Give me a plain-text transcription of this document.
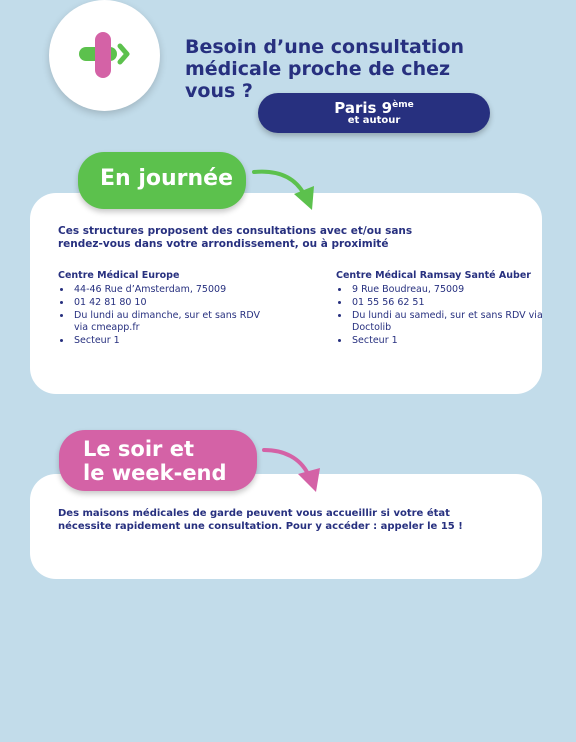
Besoin d’une consultation médicale proche de chez vous ?
Paris 9ème
et autour
En journée

Ces structures proposent des consultations avec et/ou sans rendez-vous dans votre arrondissement, ou à proximité

Centre Médical Europe

• 44-46 Rue d’Amsterdam, 75009
• 01 42 81 80 10
• Du lundi au dimanche, sur et sans RDV via cmeapp.fr
• Secteur 1

Centre Médical Ramsay Santé Auber

• 9 Rue Boudreau, 75009
• 01 55 56 62 51
• Du lundi au samedi, sur et sans RDV via Doctolib
• Secteur 1
Le soir et
le week-end

Des maisons médicales de garde peuvent vous accueillir si votre état nécessite rapidement une consultation. Pour y accéder : appeler le 15 !
